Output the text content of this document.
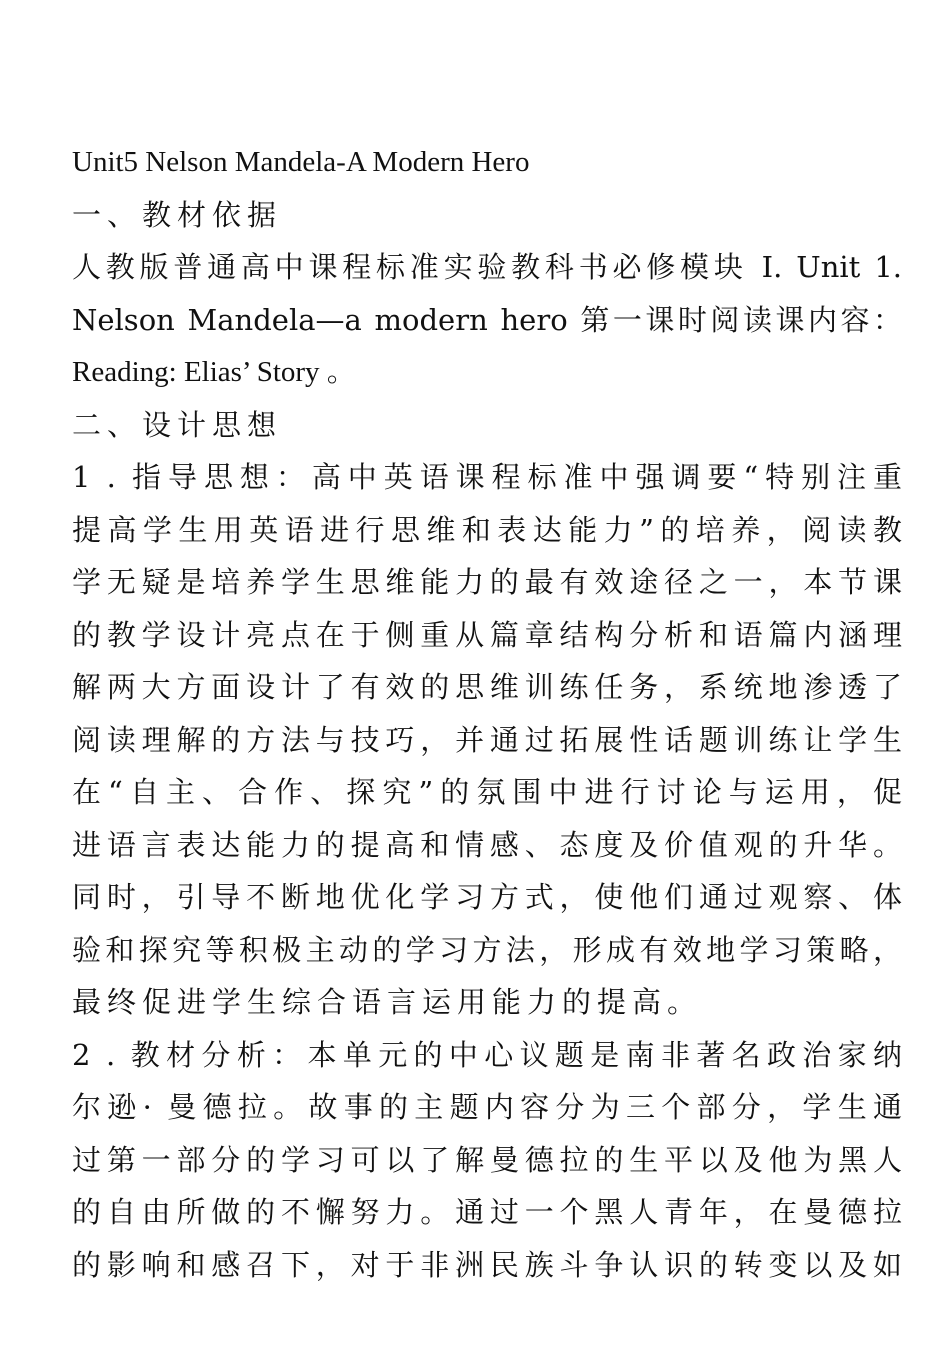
Unit5 Nelson Mandela-A Modern Hero
一、教材依据
人教版普通高中课程标准实验教科书必修模块 I. Unit 1.
Nelson Mandela—a modern hero 第一课时阅读课内容：
Reading: Elias’ Story 。
二、设计思想
1 . 指导思想：高中英语课程标准中强调要“特别注重
提高学生用英语进行思维和表达能力”的培养，阅读教
学无疑是培养学生思维能力的最有效途径之一，本节课
的教学设计亮点在于侧重从篇章结构分析和语篇内涵理
解两大方面设计了有效的思维训练任务，系统地渗透了
阅读理解的方法与技巧，并通过拓展性话题训练让学生
在“自主、合作、探究”的氛围中进行讨论与运用，促
进语言表达能力的提高和情感、态度及价值观的升华。
同时，引导不断地优化学习方式，使他们通过观察、体
验和探究等积极主动的学习方法，形成有效地学习策略，
最终促进学生综合语言运用能力的提高。
2 . 教材分析：本单元的中心议题是南非著名政治家纳
尔逊· 曼德拉。故事的主题内容分为三个部分，学生通
过第一部分的学习可以了解曼德拉的生平以及他为黑人
的自由所做的不懈努力。通过一个黑人青年，在曼德拉
的影响和感召下，对于非洲民族斗争认识的转变以及如
